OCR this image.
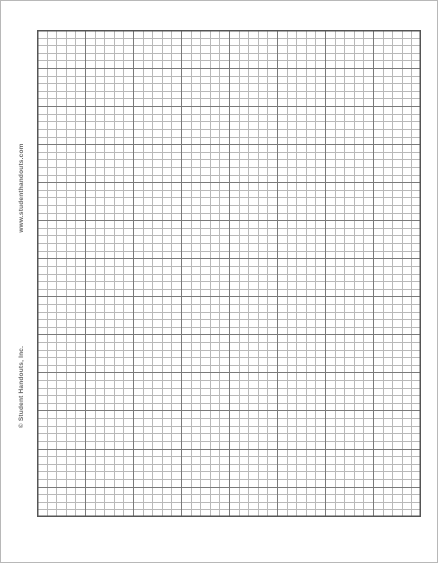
www.studenthandouts.com
© Student Handouts, Inc.
